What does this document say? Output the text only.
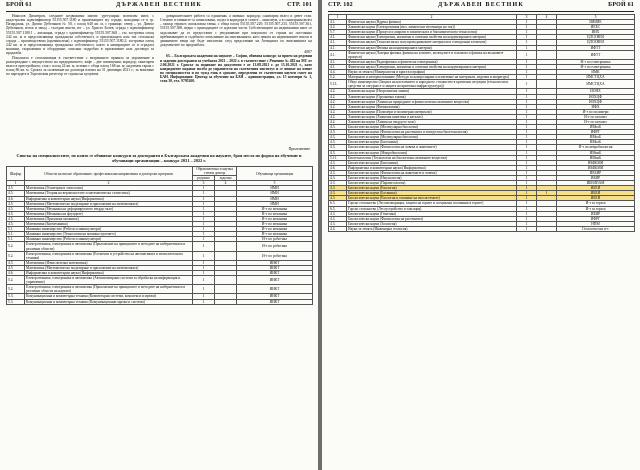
БРОЙ 61	ДЪРЖАВЕН ВЕСТНИК	СТР. 101

Николов Димитров, следните недвижими имоти: урегулиран поземлен имот, с кадастрален идентификатор 55155.507.1180 и прилежащите му сгради, находящи се в гр. Пазарджик, ул. Димчо Дебелянов № 50, с площ 640 кв. м, с граници: север – ул. Димчо Дебелянов, изток и запад – съседни имоти, юг – ул. Христо Ботев, сграда с идентификатор 55155.507.1180.1 – жилищна, сграда с идентификатор 55155.507.368 – със застроена площ 242 кв. м и представляваща гражданска собственост, и прилежащата към тях стопанска сграда – производствена (промишлена) с идентификатор 55155.507.1180.2; застроена площ 242 кв. м и представляваща гражданска собственост, както и намиращите се в сградата машини, съоръжения и оборудване, описани подробно в приложение към договора за продажба.

Покупката е стопанисвана в съответствие с вътрешните правила за управление и разпореждане с имуществото на предприятието; кафе – две помещения; коридор; санитарен възел в пристройката; стая с площ 24 кв. м, всички с обща площ 168 кв. м; надземен гараж с площ 86 кв. м. Срокът за сключване на договора изтича на 31 декември 2021 г.; за вписване по партидата в Търговския регистър от страна на купувача.

довършителните работи са единични, а именно: коридор; санитарен възел и девет стаи. Стените и таваните са шпакловани, подът в коридора и стаите – линолеум, а в санитарния възел – мокър теракот; шпаклован таван, с обща площ 55155.507.229, 55155.507.233, 55155.507.361, 55155.507.369, ведно с припадащите се идеални части. Собствениците на недвижимия имот се задължават да го предоставят с уведомяване при покупката от страна на постоянно пребиваващите и съдебното изпълнение на изискванията, като цената на недвижимите имоти и движимите вещи ще бъде изплатена след представяне на Агенцията по вписванията на документите по продажбата.

4007

65. – Българската академия на науките – София, обявява конкурс за прием на редовни и задочни докторанти за учебната 2021 – 2022 г. в съответствие с Решение № 482 на МС от 2.06.2021 г. Срокът за подаване на документи е от 13.08.2021 г. до 13.10.2021 г., като кандидатите подават молба до управителя на съответния институт и се явяват на изпит по специалността и по чужд език в срокове, определени от съответния научен съвет на БАН. Информация: Център за обучение на БАН – администрация, ул. 15 ноември № 1, стая 30, тел. 9795260.

Приложение
Списък на специалностите, по които се обявяват конкурси за докторанти в Българската академия на науките, броя места по форма на обучение и обучаващи организации – конкурс 2021 – 2022 г.
Шифър	Области на висше образование, професионални направления и докторски програми	Образователна и научна степен доктор		Обучаваща организация
		редовно	задочно	
1	2	3	4	5
4.5.	Математика (Геометрия и топология)	1		ИМИ
4.5.	Математика (Теория на вероятностите и математическа статистика)	1		ИМИ
4.6.	Информатика и компютърни науки (Информатика)	1		ИМИ
4.5.	Математика (Математическо моделиране и приложение на математиката)	1		ИМИ
4.5.	Математика (Механика на деформируемото твърдо тяло)	1		И-т по механика
4.5.	Математика (Механика на флуидите)	1		И-т по механика
4.5.	Математика (Приложна механика)	1		И-т по механика
4.5.	Математика (Биомеханика)	1		И-т по механика
5.1.	Машинно инженерство (Роботи и манипулатори)	1		И-т по механика
5.1.	Машинно инженерство (Технология на машиностроенето)	1		И-т по механика
5.1.	Машинно инженерство (Роботи и манипулатори)	1		И-т по роботика
5.2.	Електротехника, електроника и автоматика (Приложение на принципите и методите на кибернетиката в различни области)	1		И-т по роботика
5.2.	Електротехника, електроника и автоматика (Елементи и устройства на автоматиката и изчислителната техника)	1		И-т по роботика
4.5.	Математика (Изчислителна математика)	1		ИИКТ
4.5.	Математика (Математическо моделиране и приложение на математиката)	1		ИИКТ
4.6.	Информатика и компютърни науки (Информатика)	1		ИИКТ
5.2.	Електротехника, електроника и автоматика (Автоматизирани системи за обработка на информация и управление)	1		ИИКТ
5.2.	Електротехника, електроника и автоматика (Приложение на принципите и методите на кибернетиката в различни области на науката)	1		ИИКТ
5.3.	Комуникационна и компютърна техника (Компютърни системи, комплекси и мрежи)	1		ИИКТ
5.3.	Комуникационна и компютърна техника (Комуникационни мрежи и системи)	1		ИИКТ
СТР. 102	ДЪРЖАВЕН ВЕСТНИК	БРОЙ 61
1	2	3	4	5
4.1.	Физически науки (Ядрена физика)	1		ИЯИЯЕ
4.2.	Химически науки (Електрохимия (вкл. химически източници на ток))	1		ИЕЕС
5.7.	Химически науки (Процеси и апарати в химическата и биохимическата технология)	1		ИИХ
4.1.	Физически науки (Електрични, магнитни и оптични свойства на кондензираната материя)	1		ЦЛСЕНЕИ
4.1.	Физически науки (Технология на полупроводниковите материали и електронни елементи)	1		ЦЛСЕНЕИ
4.1.	Физически науки (Физика на кондензираната материя)	1		ИФТТ
4.1.	Физически науки (Лазерна физика, физика на атомите, молекулите и плазмата и физика на вълновите процеси)	1		ИФТТ
4.1.	Физически науки (Радиофизика и физическа електроника)	1		И-т по електроника
4.1.	Физически науки (Електрични, магнитни и оптични свойства на кондензираната материя)	1		И-т по електроника
4.4.	Науки за земята (Минералогия и кристалография)	1		ИМК
5.2.	Материали и материалознание (Методи за контролиране и изпитване на материали, изделия и апаратура)	1		ИМСТЦХА
5.13.	Общо инженерство (Защита на населението и народното стопанство в критични ситуации (технологии и средства за сигурност и защита на критична инфраструктура))	1		ИМСТЦХА
4.2.	Химически науки (Неорганична химия)	1		ИОНХ
4.2.	Химически науки (Органична химия)	1		ИОХЦФ
4.2.	Химически науки (Химия на природните и физиологично активните вещества)	1		ИОХЦФ
4.2.	Химически науки (Физикохимия)	1		ИФХ
4.2.	Химически науки (Полимери и полимерни материали)	1		И-т по полимери
4.2.	Химически науки (Химична кинетика и катализ)	1		И-т по катализ
4.2.	Химически науки (Химия на твърдото тяло)	1		И-т по катализ
4.3.	Биологически науки (Молекулярна биология)	1		ИМолБ
4.3.	Биологически науки (Физиология на растенията и земеделска биотехнология)	1		ИФРГ
4.3.	Биологически науки (Молекулярна биология)	1		ИМолБ
4.3.	Биологически науки (Биохимия)	1		ИМолБ
4.3.	Биологически науки (Физиология на човека и животните)	1		И-т по невробиология
4.3.	Биологически науки (Микробиология)	1		ИМикБ
5.11.	Биотехнологии (Технология на биологично активните вещества)	1		ИМикБ
4.3.	Биологически науки (Биохимия)	1		ИБФБМИ
4.6.	Информатика и компютърни науки (Информатика)	1		ИБФБМИ
4.3.	Биологически науки (Физиология на животните и човека)	1		ИЕБИР
4.3.	Биологически науки (Имунология)	1		ИБИР
4.3.	Биологически науки (Паразитология)	1		ИБЕИПАМ
4.3.	Биологически науки (Екология)	1		ИБЕИ
4.3.	Биологически науки (Ботаника)	1	1	ИБЕИ
4.3.	Биологически науки (Екология и опазване на екосистемите)	1		ИБЕИ
6.5.	Горско стопанство (Лесомелиорация, защита на горите и специални ползвания в горите)	1		И-т за гората
6.5.	Горско стопанство (Лесоустройство и таксация)	1		И-т за гората
4.3.	Биологически науки (Генетика)	1		ИБИР
4.3.	Биологически науки (Физиология на растенията)	1		ИФРГ
4.3.	Биологически науки (Зоология)	1		НПМ
4.4.	Науки за земята (Инженерна геология)	1		Геологически и-т
